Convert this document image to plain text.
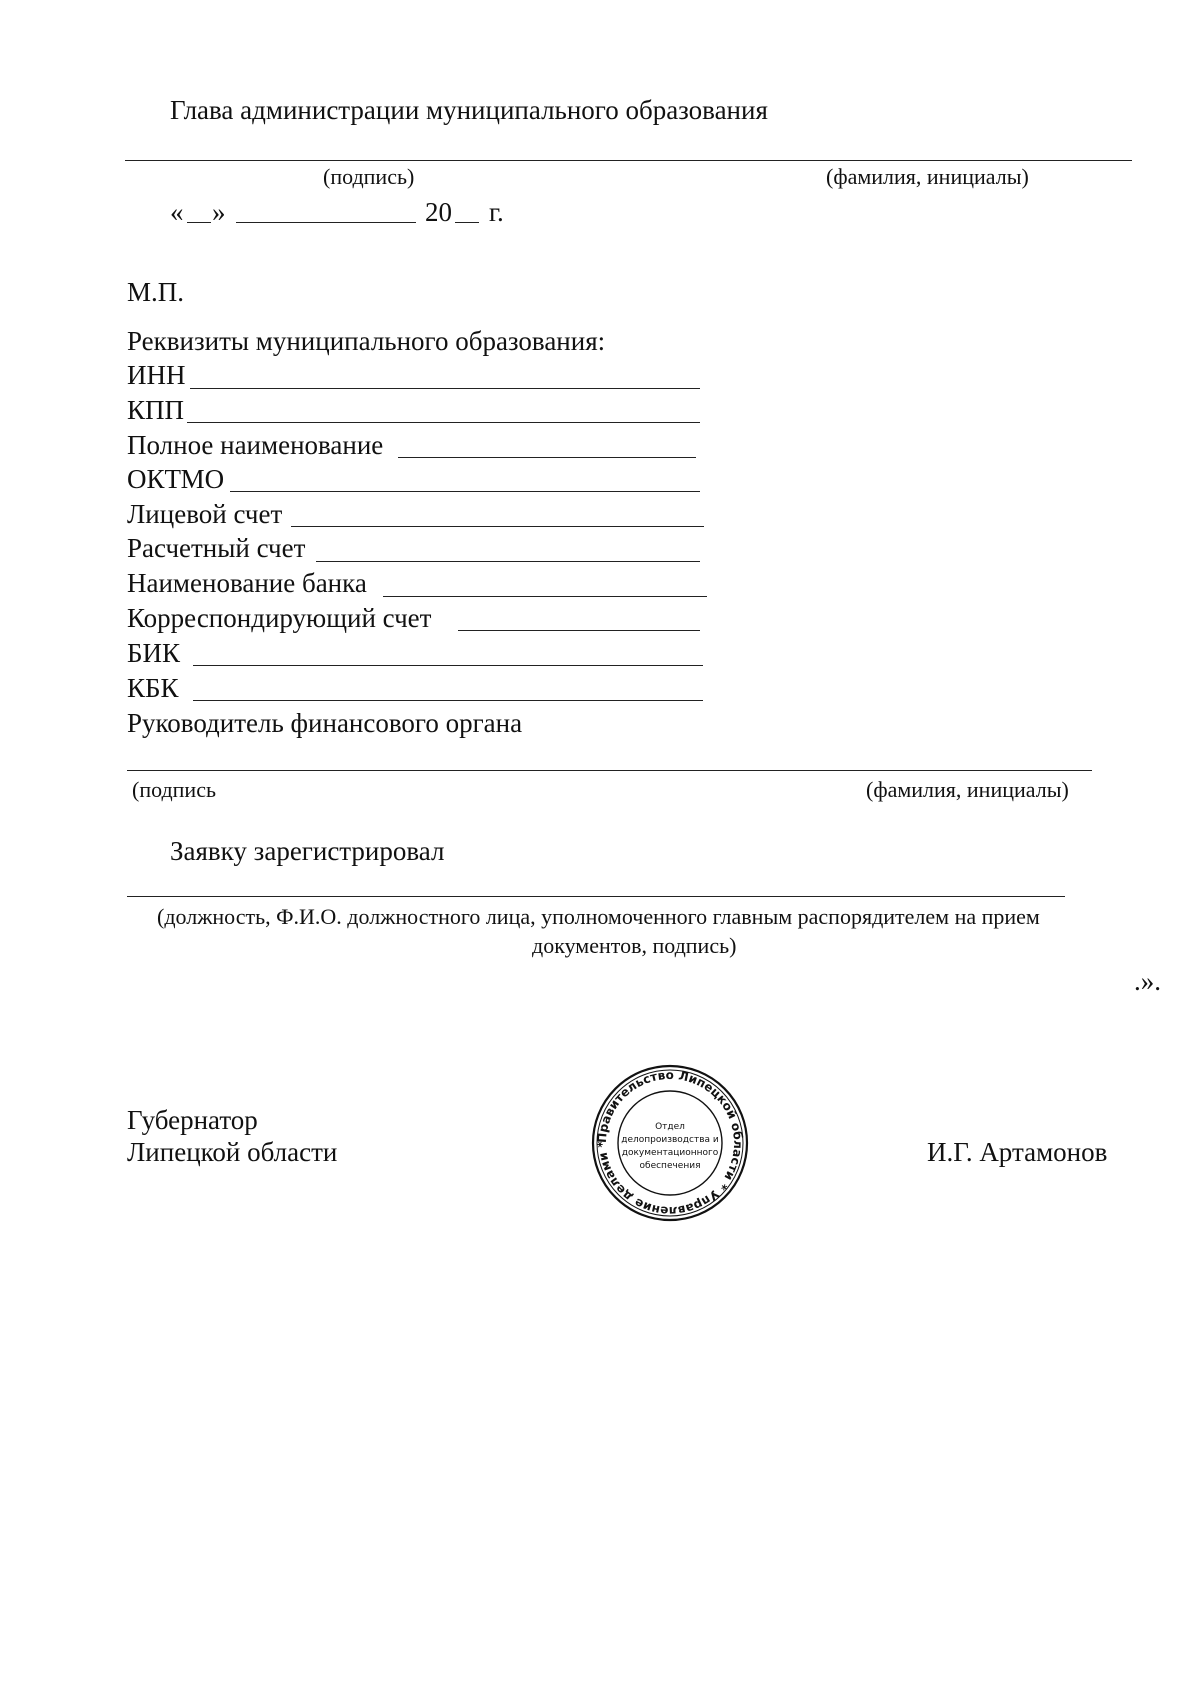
Глава администрации муниципального образования
(подпись)	(фамилия, инициалы)
« »	20 г.
М.П.
Реквизиты муниципального образования:
ИНН
КПП
Полное наименование
ОКТМО
Лицевой счет
Расчетный счет
Наименование банка
Корреспондирующий счет
БИК
КБК
Руководитель финансового органа
(подпись	(фамилия, инициалы)
Заявку зарегистрировал
(должность, Ф.И.О. должностного лица, уполномоченного главным распорядителем на прием
документов, подпись)
.».
Губернатор
Липецкой области	И.Г. Артамонов
Правительство Липецкой области * Управление делами *
Отдел
делопроизводства и
документационного
обеспечения
